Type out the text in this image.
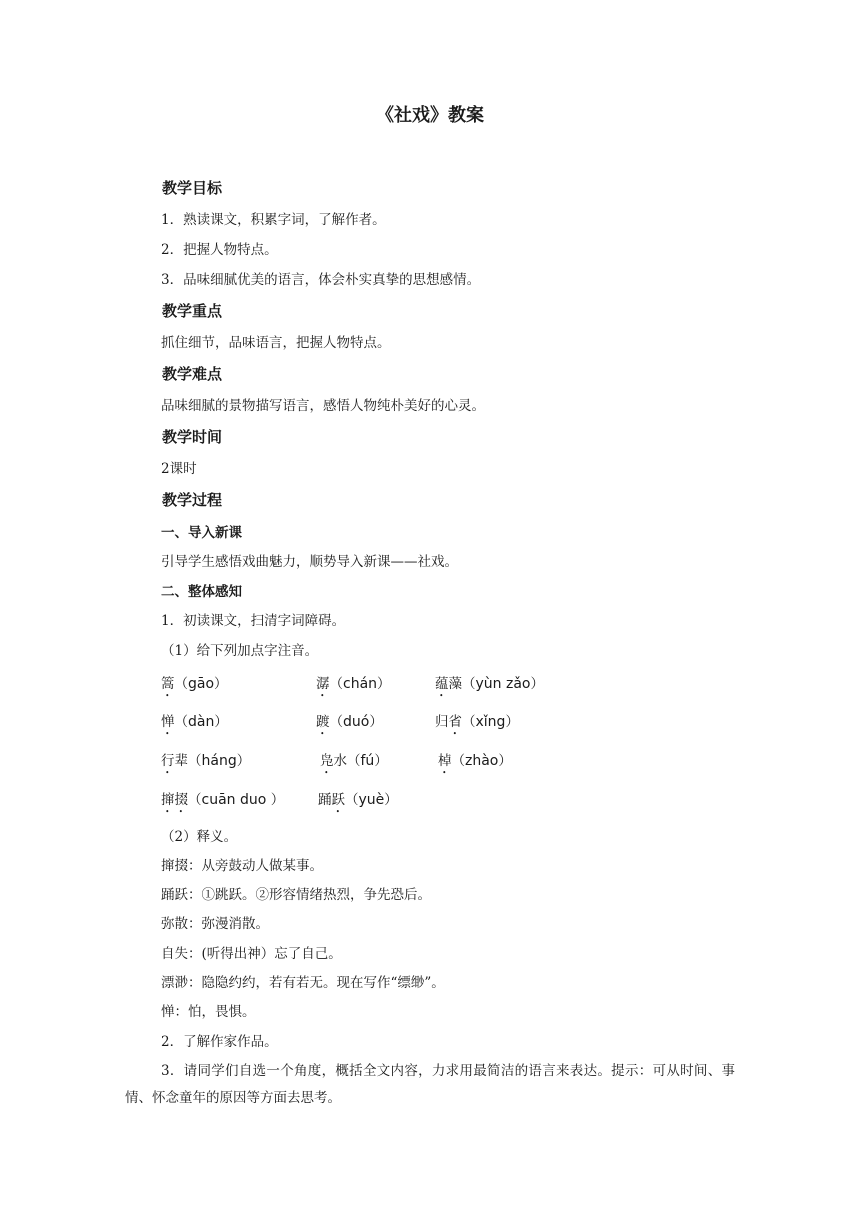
《社戏》教案
教学目标

1．熟读课文，积累字词，了解作者。

2．把握人物特点。

3．品味细腻优美的语言，体会朴实真挚的思想感情。

教学重点

抓住细节，品味语言，把握人物特点。

教学难点

品味细腻的景物描写语言，感悟人物纯朴美好的心灵。

教学时间

2课时

教学过程
一、导入新课

引导学生感悟戏曲魅力，顺势导入新课——社戏。

二、整体感知

1．初读课文，扫清字词障碍。

（1）给下列加点字注音。

篙（gāo）	潺（chán）	蕴藻（yùn zǎo）
惮（dàn）	踱（duó）	归省（xǐng）
行辈（háng）	凫水（fú）	棹（zhào）
撺掇（cuān duo ）	踊跃（yuè）

（2）释义。

撺掇：从旁鼓动人做某事。

踊跃：①跳跃。②形容情绪热烈，争先恐后。

弥散：弥漫消散。

自失：(听得出神）忘了自己。

漂渺：隐隐约约，若有若无。现在写作“缥缈”。

惮：怕，畏惧。

2．了解作家作品。

3．请同学们自选一个角度，概括全文内容，力求用最简洁的语言来表达。提示：可从时间、事情、怀念童年的原因等方面去思考。
